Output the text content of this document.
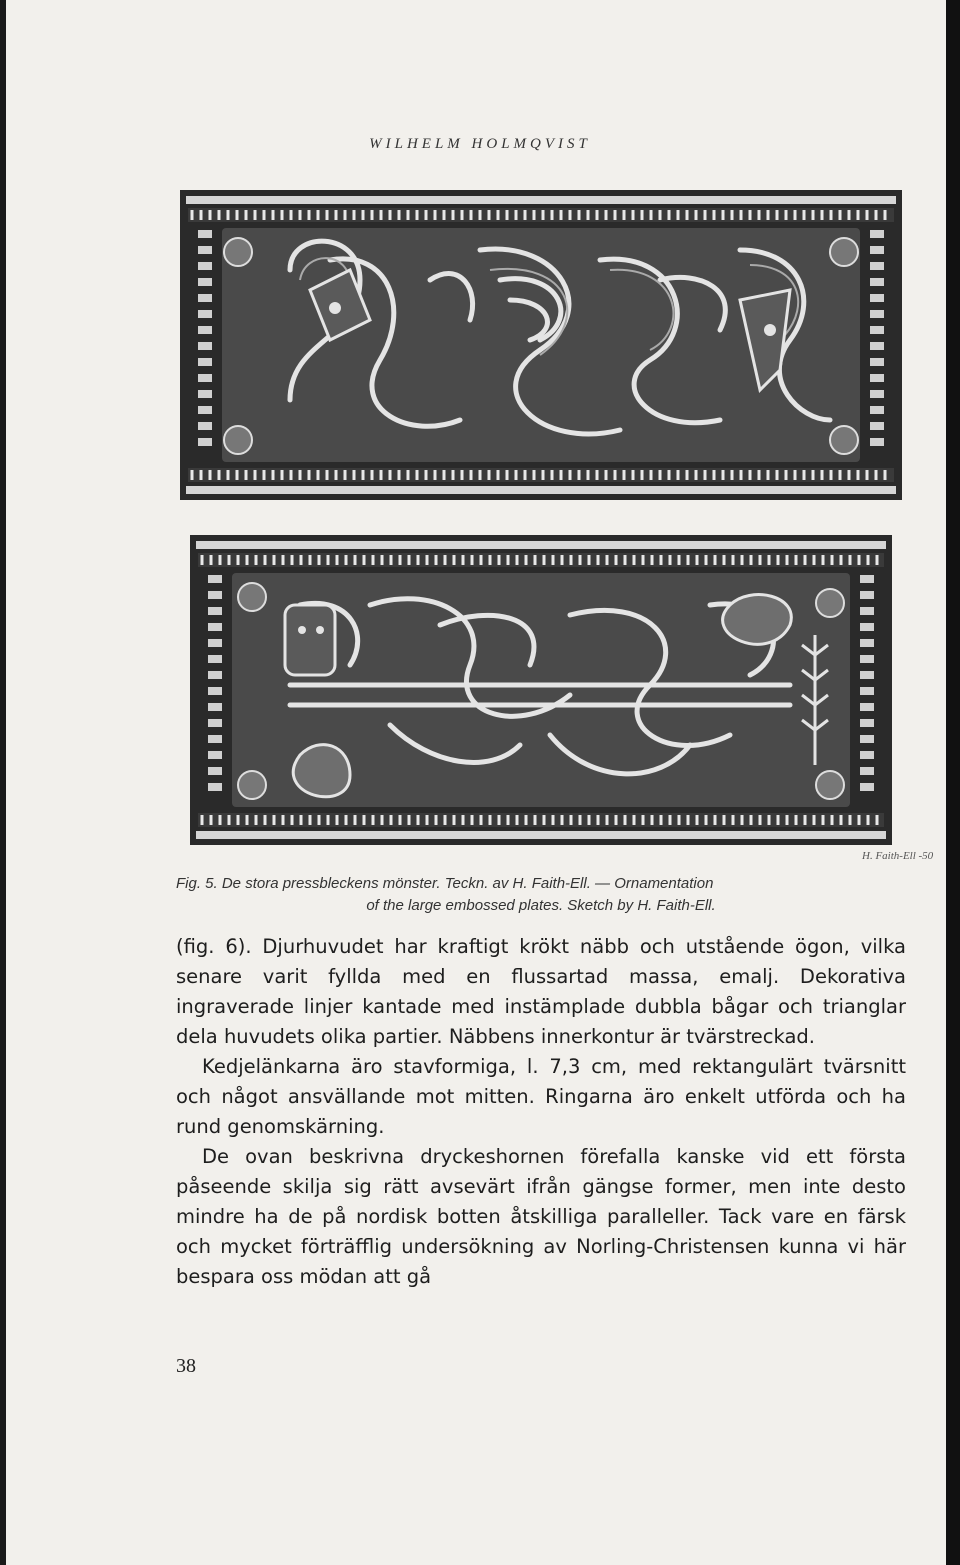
WILHELM HOLMQVIST
H. Faith-Ell -50
Fig. 5. De stora pressbleckens mönster. Teckn. av H. Faith-Ell. — Ornamentation
of the large embossed plates. Sketch by H. Faith-Ell.

(fig. 6). Djurhuvudet har kraftigt krökt näbb och utstående ögon, vilka senare varit fyllda med en flussartad massa, emalj. Dekorativa ingraverade linjer kantade med instämplade dubbla bågar och trianglar dela huvudets olika partier. Näbbens innerkontur är tvärstreckad.

Kedjelänkarna äro stavformiga, l. 7,3 cm, med rektangulärt tvärsnitt och något ansvällande mot mitten. Ringarna äro enkelt utförda och ha rund genomskärning.

De ovan beskrivna dryckeshornen förefalla kanske vid ett första påseende skilja sig rätt avsevärt ifrån gängse former, men inte desto mindre ha de på nordisk botten åtskilliga paralleller. Tack vare en färsk och mycket förträfflig undersökning av Norling-Christensen kunna vi här bespara oss mödan att gå

38
